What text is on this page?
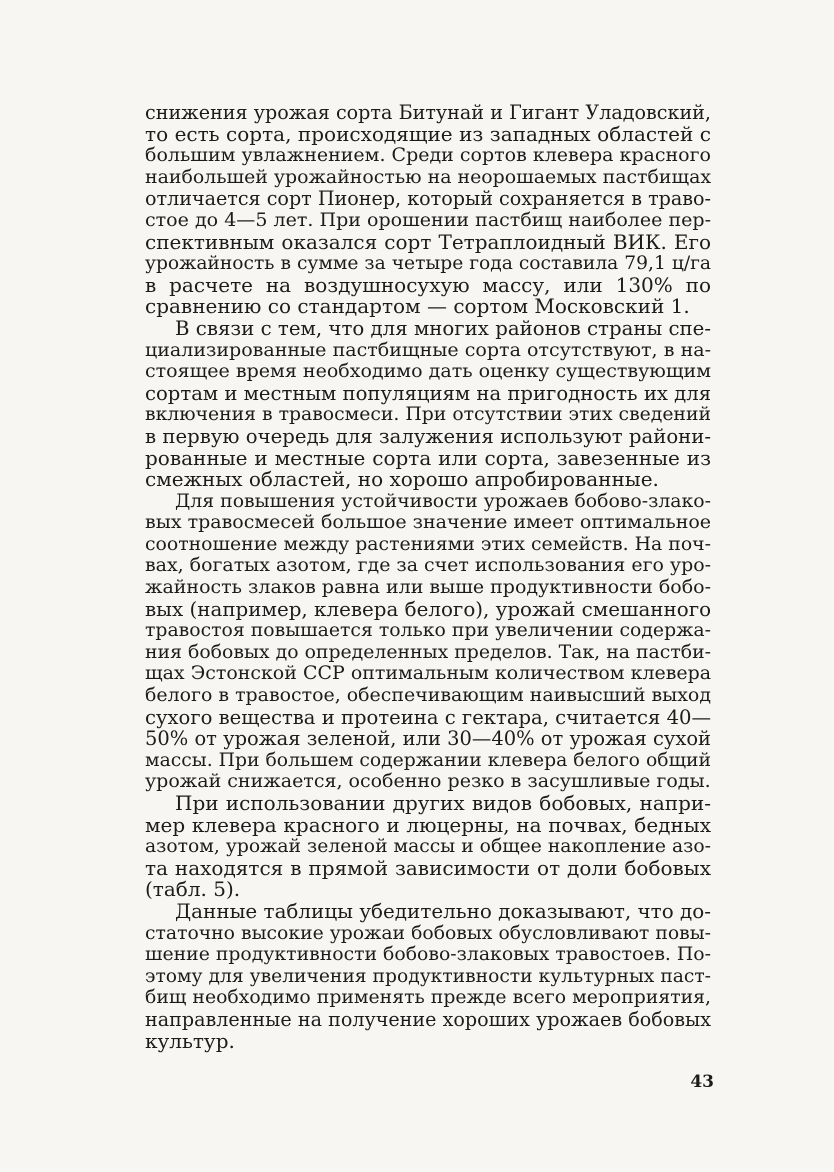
снижения урожая сорта Битунай и Гигант Уладовский,
то есть сорта, происходящие из западных областей с
большим увлажнением. Среди сортов клевера красного
наибольшей урожайностью на неорошаемых пастбищах
отличается сорт Пионер, который сохраняется в траво-
стое до 4—5 лет. При орошении пастбищ наиболее пер-
спективным оказался сорт Тетраплоидный ВИК. Его
урожайность в сумме за четыре года составила 79,1 ц/га
в расчете на воздушносухую массу, или 130% по
сравнению со стандартом — сортом Московский 1.
В связи с тем, что для многих районов страны спе-
циализированные пастбищные сорта отсутствуют, в на-
стоящее время необходимо дать оценку существующим
сортам и местным популяциям на пригодность их для
включения в травосмеси. При отсутствии этих сведений
в первую очередь для залужения используют райони-
рованные и местные сорта или сорта, завезенные из
смежных областей, но хорошо апробированные.
Для повышения устойчивости урожаев бобово-злако-
вых травосмесей большое значение имеет оптимальное
соотношение между растениями этих семейств. На поч-
вах, богатых азотом, где за счет использования его уро-
жайность злаков равна или выше продуктивности бобо-
вых (например, клевера белого), урожай смешанного
травостоя повышается только при увеличении содержа-
ния бобовых до определенных пределов. Так, на пастби-
щах Эстонской ССР оптимальным количеством клевера
белого в травостое, обеспечивающим наивысший выход
сухого вещества и протеина с гектара, считается 40—
50% от урожая зеленой, или 30—40% от урожая сухой
массы. При большем содержании клевера белого общий
урожай снижается, особенно резко в засушливые годы.
При использовании других видов бобовых, напри-
мер клевера красного и люцерны, на почвах, бедных
азотом, урожай зеленой массы и общее накопление азо-
та находятся в прямой зависимости от доли бобовых
(табл. 5).
Данные таблицы убедительно доказывают, что до-
статочно высокие урожаи бобовых обусловливают повы-
шение продуктивности бобово-злаковых травостоев. По-
этому для увеличения продуктивности культурных паст-
бищ необходимо применять прежде всего мероприятия,
направленные на получение хороших урожаев бобовых
культур.
43
